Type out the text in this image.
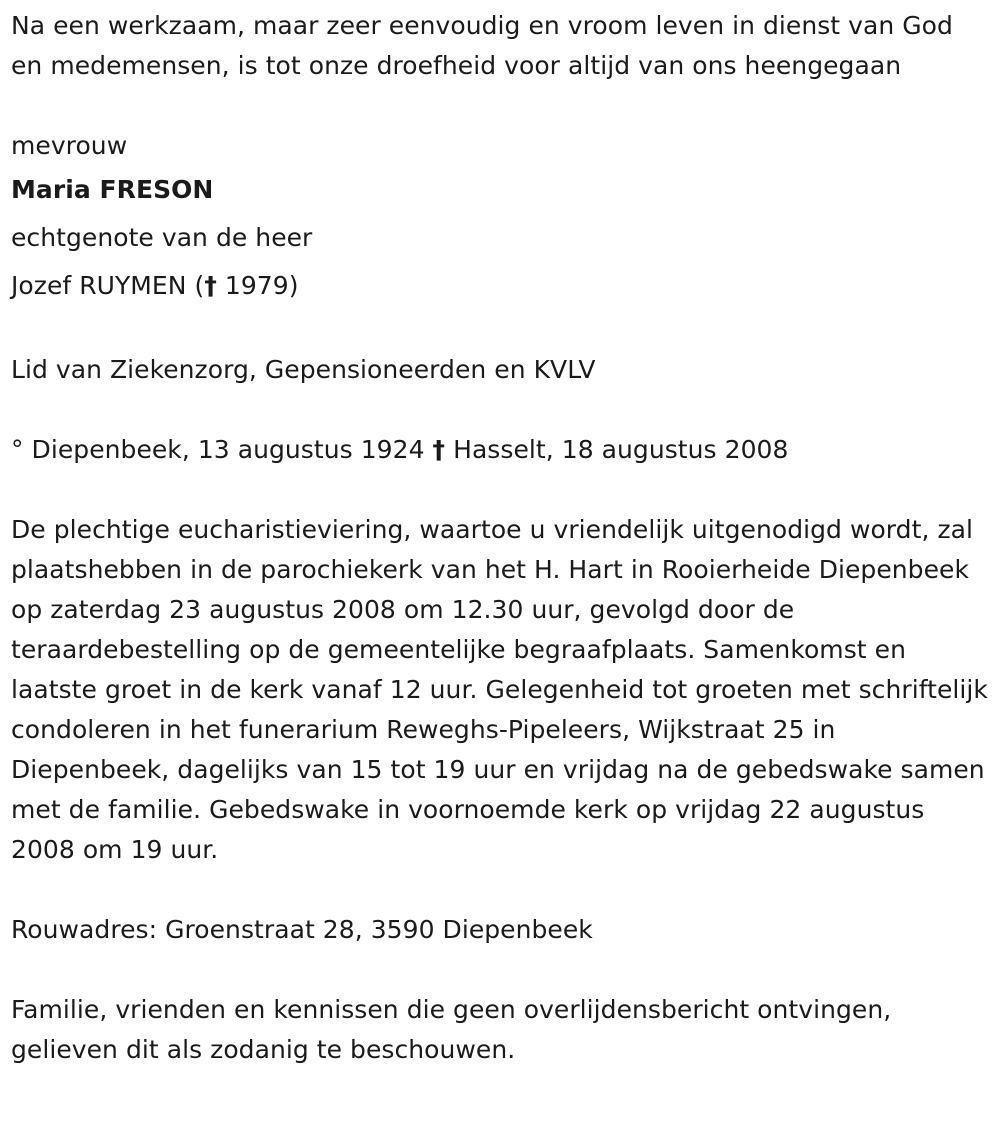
Na een werkzaam, maar zeer eenvoudig en vroom leven in dienst van God en medemensen, is tot onze droefheid voor altijd van ons heengegaan

mevrouw

Maria FRESON

echtgenote van de heer

Jozef RUYMEN († 1979)

Lid van Ziekenzorg, Gepensioneerden en KVLV

° Diepenbeek, 13 augustus 1924 † Hasselt, 18 augustus 2008

De plechtige eucharistieviering, waartoe u vriendelijk uitgenodigd wordt, zal plaatshebben in de parochiekerk van het H. Hart in Rooierheide Diepenbeek op zaterdag 23 augustus 2008 om 12.30 uur, gevolgd door de teraardebestelling op de gemeentelijke begraafplaats. Samenkomst en laatste groet in de kerk vanaf 12 uur. Gelegenheid tot groeten met schriftelijk condoleren in het funerarium Reweghs-Pipeleers, Wijkstraat 25 in Diepenbeek, dagelijks van 15 tot 19 uur en vrijdag na de gebedswake samen met de familie. Gebedswake in voornoemde kerk op vrijdag 22 augustus 2008 om 19 uur.

Rouwadres: Groenstraat 28, 3590 Diepenbeek

Familie, vrienden en kennissen die geen overlijdensbericht ontvingen, gelieven dit als zodanig te beschouwen.
